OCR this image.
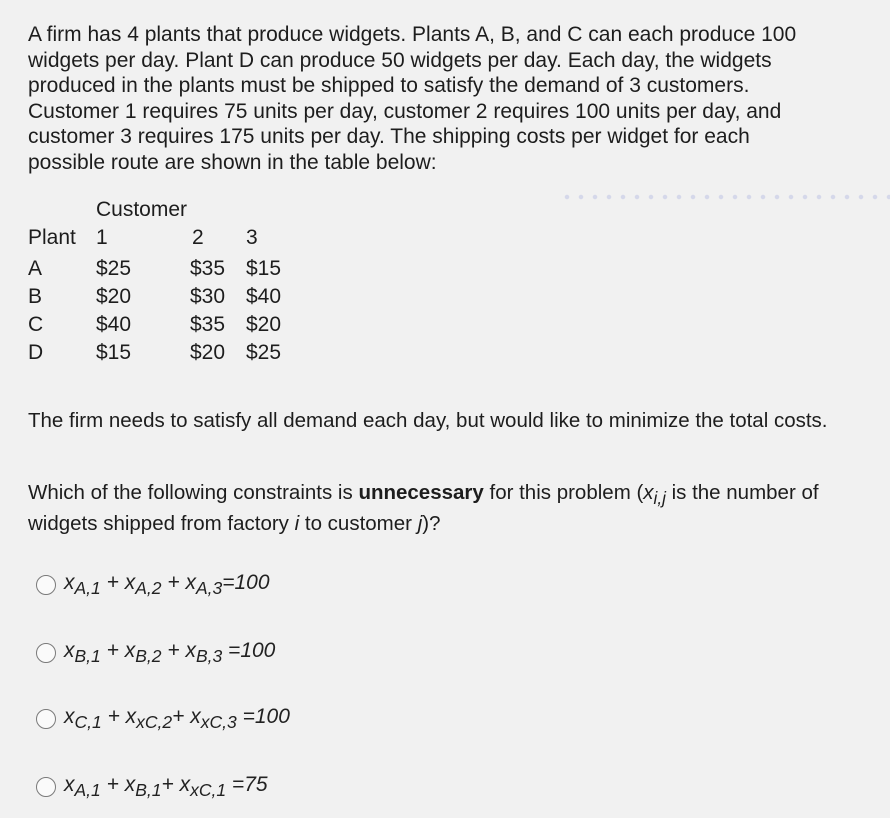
A firm has 4 plants that produce widgets. Plants A, B, and C can each produce 100
widgets per day. Plant D can produce 50 widgets per day. Each day, the widgets
produced in the plants must be shipped to satisfy the demand of 3 customers.
Customer 1 requires 75 units per day, customer 2 requires 100 units per day, and
customer 3 requires 175 units per day. The shipping costs per widget for each
possible route are shown in the table below:
Customer
Plant 1	2 3
A	$25	$35 $15
B	$20	$30 $40
C	$40	$35 $20
D	$15	$20 $25
The firm needs to satisfy all demand each day, but would like to minimize the total costs.
Which of the following constraints is unnecessary for this problem ($x_{i,j}$ is the number of widgets shipped from factory i to customer j)?
$x_{A,1} + x_{A,2} + x_{A,3}=100$
$x_{B,1} + x_{B,2} + x_{B,3} =100$
$x_{C,1} + x_{xC,2}+ x_{xC,3} =100$
$x_{A,1} + x_{B,1}+ x_{xC,1} =75$
